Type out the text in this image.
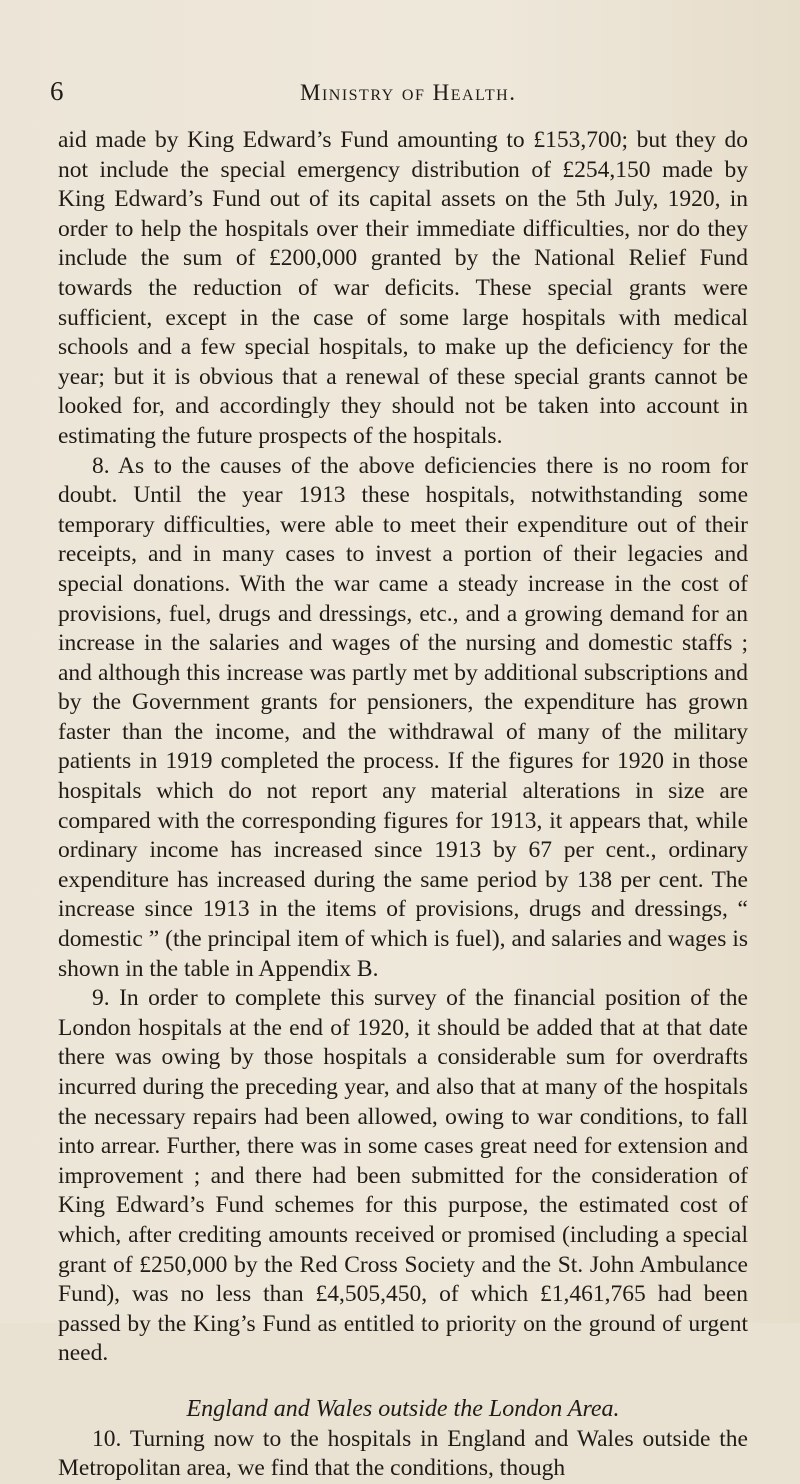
6	Ministry of Health.

aid made by King Edward’s Fund amounting to £153,700; but they do not include the special emergency distribution of £254,150 made by King Edward’s Fund out of its capital assets on the 5th July, 1920, in order to help the hospitals over their immediate difficulties, nor do they include the sum of £200,000 granted by the National Relief Fund towards the reduction of war deficits. These special grants were sufficient, except in the case of some large hospitals with medical schools and a few special hospitals, to make up the deficiency for the year; but it is obvious that a renewal of these special grants cannot be looked for, and accordingly they should not be taken into account in estimating the future prospects of the hospitals.

8. As to the causes of the above deficiencies there is no room for doubt. Until the year 1913 these hospitals, notwithstanding some temporary difficulties, were able to meet their expenditure out of their receipts, and in many cases to invest a portion of their legacies and special donations. With the war came a steady increase in the cost of provisions, fuel, drugs and dressings, etc., and a growing demand for an increase in the salaries and wages of the nursing and domestic staffs ; and although this increase was partly met by additional subscriptions and by the Government grants for pensioners, the expenditure has grown faster than the income, and the withdrawal of many of the military patients in 1919 completed the process. If the figures for 1920 in those hospitals which do not report any material alterations in size are compared with the corresponding figures for 1913, it appears that, while ordinary income has increased since 1913 by 67 per cent., ordinary expenditure has increased during the same period by 138 per cent. The increase since 1913 in the items of provisions, drugs and dressings, “ domestic ” (the principal item of which is fuel), and salaries and wages is shown in the table in Appendix B.

9. In order to complete this survey of the financial position of the London hospitals at the end of 1920, it should be added that at that date there was owing by those hospitals a considerable sum for overdrafts incurred during the preceding year, and also that at many of the hospitals the necessary repairs had been allowed, owing to war conditions, to fall into arrear. Further, there was in some cases great need for extension and improvement ; and there had been submitted for the consideration of King Edward’s Fund schemes for this purpose, the estimated cost of which, after crediting amounts received or promised (including a special grant of £250,000 by the Red Cross Society and the St. John Ambulance Fund), was no less than £4,505,450, of which £1,461,765 had been passed by the King’s Fund as entitled to priority on the ground of urgent need.

England and Wales outside the London Area.

10. Turning now to the hospitals in England and Wales outside the Metropolitan area, we find that the conditions, though
